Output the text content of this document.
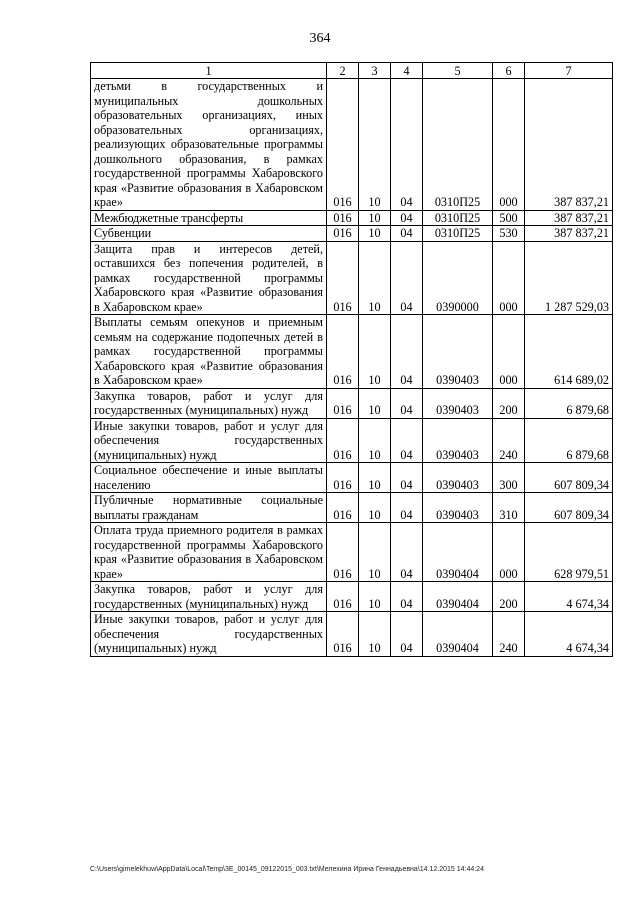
364
1	2	3	4	5	6	7
детьми в государственных и муниципальных дошкольных образовательных организациях, иных образовательных организациях, реализующих образовательные программы дошкольного образования, в рамках государственной программы Хабаровского края «Развитие образования в Хабаровском крае»	016	10	04	0310П25	000	387 837,21
Межбюджетные трансферты	016	10	04	0310П25	500	387 837,21
Субвенции	016	10	04	0310П25	530	387 837,21
Защита прав и интересов детей, оставшихся без попечения родителей, в рамках государственной программы Хабаровского края «Развитие образования в Хабаровском крае»	016	10	04	0390000	000	1 287 529,03
Выплаты семьям опекунов и приемным семьям на содержание подопечных детей в рамках государственной программы Хабаровского края «Развитие образования в Хабаровском крае»	016	10	04	0390403	000	614 689,02
Закупка товаров, работ и услуг для государственных (муниципальных) нужд	016	10	04	0390403	200	6 879,68
Иные закупки товаров, работ и услуг для обеспечения государственных (муниципальных) нужд	016	10	04	0390403	240	6 879,68
Социальное обеспечение и иные выплаты населению	016	10	04	0390403	300	607 809,34
Публичные нормативные социальные выплаты гражданам	016	10	04	0390403	310	607 809,34
Оплата труда приемного родителя в рамках государственной программы Хабаровского края «Развитие образования в Хабаровском крае»	016	10	04	0390404	000	628 979,51
Закупка товаров, работ и услуг для государственных (муниципальных) нужд	016	10	04	0390404	200	4 674,34
Иные закупки товаров, работ и услуг для обеспечения государственных (муниципальных) нужд	016	10	04	0390404	240	4 674,34
C:\Users\gimelekhuw\AppData\Local\Temp\3E_00145_09122015_003.txt\Мелехина Ирина Геннадьевна\14.12.2015 14:44:24
